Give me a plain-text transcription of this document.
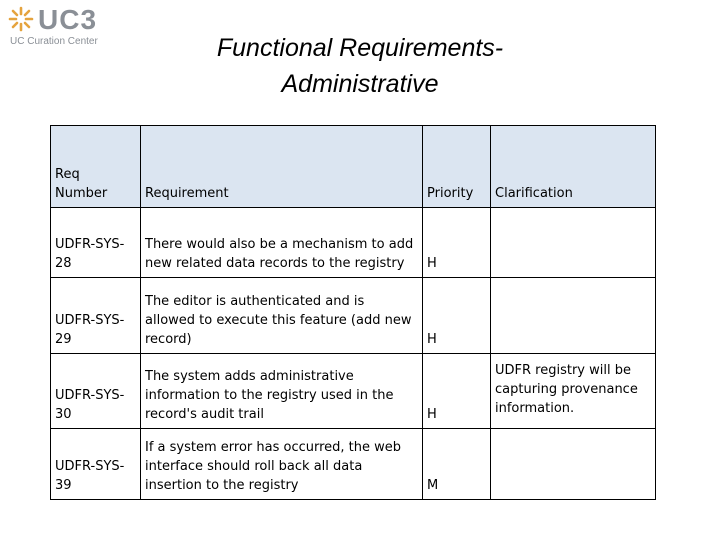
UC3
UC Curation Center	Functional Requirements-
Administrative
Req Number	Requirement	Priority	Clarification
UDFR-SYS-28	There would also be a mechanism to add new related data records to the registry	H	
UDFR-SYS-29	The editor is authenticated and is allowed to execute this feature (add new record)	H	
UDFR-SYS-30	The system adds administrative information to the registry used in the record's audit trail	H	UDFR registry will be capturing provenance information.
UDFR-SYS-39	If a system error has occurred, the web interface should roll back all data insertion to the registry	M	
